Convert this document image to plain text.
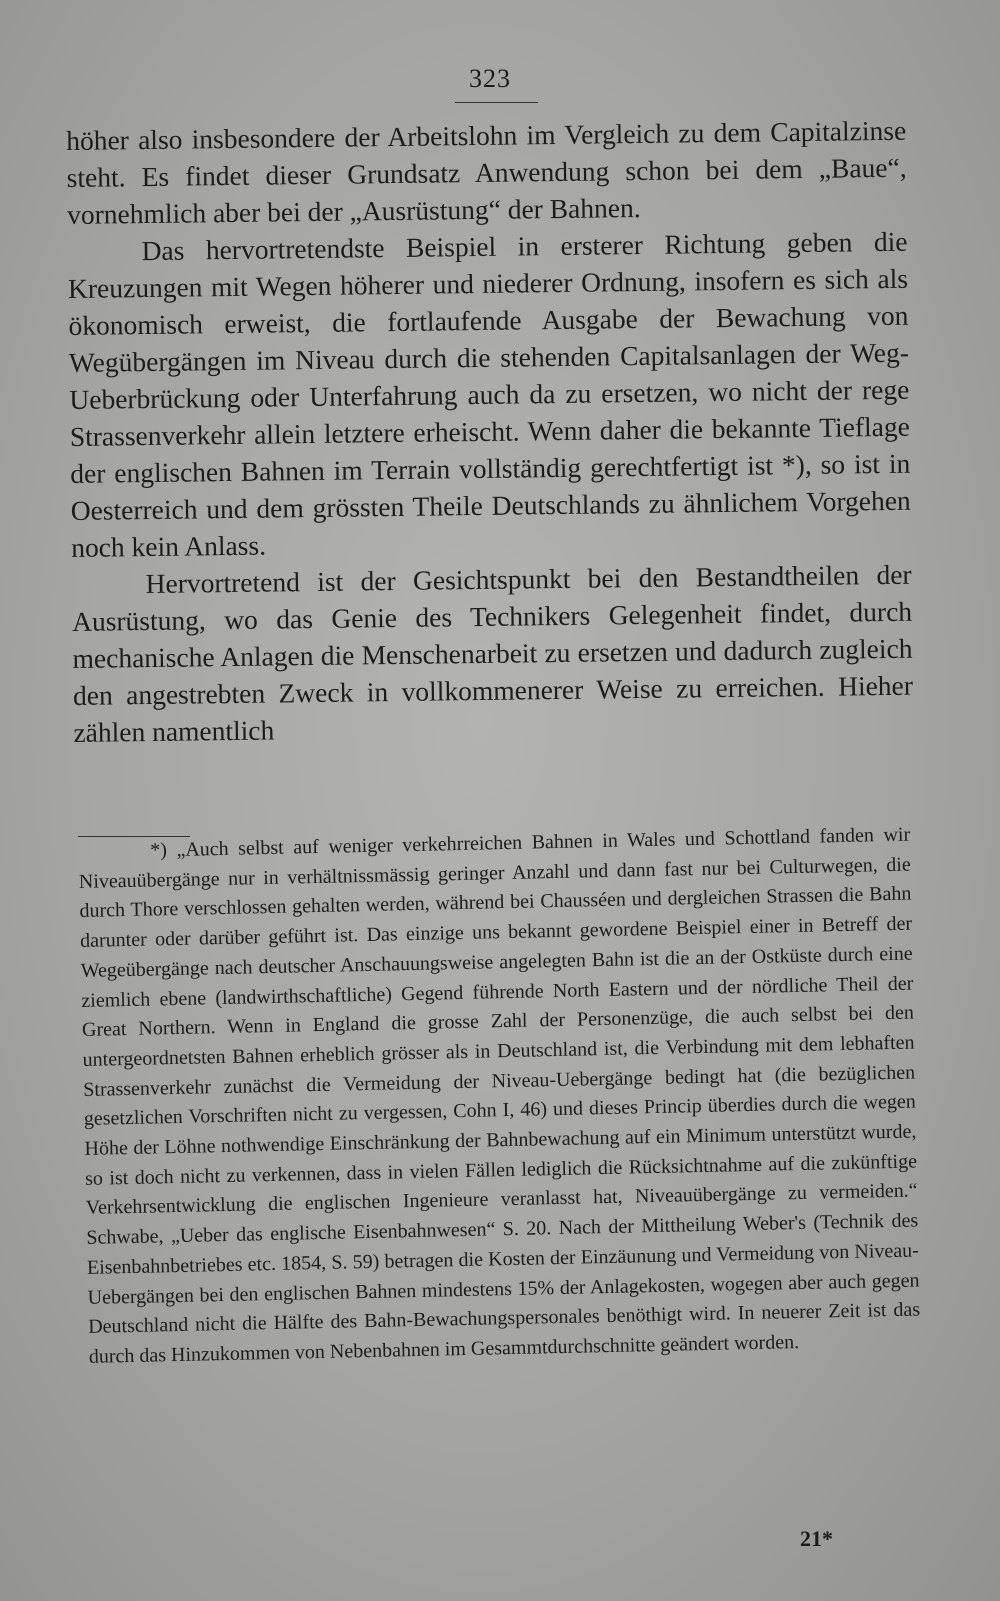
323

höher also insbesondere der Arbeitslohn im Vergleich zu dem Capitalzinse steht. Es findet dieser Grundsatz Anwendung schon bei dem „Baue“, vornehmlich aber bei der „Ausrüstung“ der Bahnen.

Das hervortretendste Beispiel in ersterer Richtung geben die Kreuzungen mit Wegen höherer und niederer Ordnung, insofern es sich als ökonomisch erweist, die fortlaufende Ausgabe der Bewachung von Wegübergängen im Niveau durch die stehenden Capitalsanlagen der Weg-Ueberbrückung oder Unterfahrung auch da zu ersetzen, wo nicht der rege Strassenverkehr allein letztere erheischt. Wenn daher die bekannte Tieflage der englischen Bahnen im Terrain vollständig gerechtfertigt ist *), so ist in Oesterreich und dem grössten Theile Deutschlands zu ähnlichem Vorgehen noch kein Anlass.

Hervortretend ist der Gesichtspunkt bei den Bestandtheilen der Ausrüstung, wo das Genie des Technikers Gelegenheit findet, durch mechanische Anlagen die Menschenarbeit zu ersetzen und dadurch zugleich den angestrebten Zweck in vollkommenerer Weise zu erreichen. Hieher zählen namentlich

*) „Auch selbst auf weniger verkehrreichen Bahnen in Wales und Schottland fanden wir Niveauübergänge nur in verhältnissmässig geringer Anzahl und dann fast nur bei Culturwegen, die durch Thore verschlossen gehalten werden, während bei Chausséen und dergleichen Strassen die Bahn darunter oder darüber geführt ist. Das einzige uns bekannt gewordene Beispiel einer in Betreff der Wegeübergänge nach deutscher Anschauungsweise angelegten Bahn ist die an der Ostküste durch eine ziemlich ebene (landwirthschaftliche) Gegend führende North Eastern und der nördliche Theil der Great Northern. Wenn in England die grosse Zahl der Personenzüge, die auch selbst bei den untergeordnetsten Bahnen erheblich grösser als in Deutschland ist, die Verbindung mit dem lebhaften Strassenverkehr zunächst die Vermeidung der Niveau-Uebergänge bedingt hat (die bezüglichen gesetzlichen Vorschriften nicht zu vergessen, Cohn I, 46) und dieses Princip überdies durch die wegen Höhe der Löhne nothwendige Einschränkung der Bahnbewachung auf ein Minimum unterstützt wurde, so ist doch nicht zu verkennen, dass in vielen Fällen lediglich die Rücksichtnahme auf die zukünftige Verkehrsentwicklung die englischen Ingenieure veranlasst hat, Niveauübergänge zu vermeiden.“ Schwabe, „Ueber das englische Eisenbahnwesen“ S. 20. Nach der Mittheilung Weber's (Technik des Eisenbahnbetriebes etc. 1854, S. 59) betragen die Kosten der Einzäunung und Vermeidung von Niveau-Uebergängen bei den englischen Bahnen mindestens 15% der Anlagekosten, wogegen aber auch gegen Deutschland nicht die Hälfte des Bahn-Bewachungspersonales benöthigt wird. In neuerer Zeit ist das durch das Hinzukommen von Nebenbahnen im Gesammtdurchschnitte geändert worden.

21*
